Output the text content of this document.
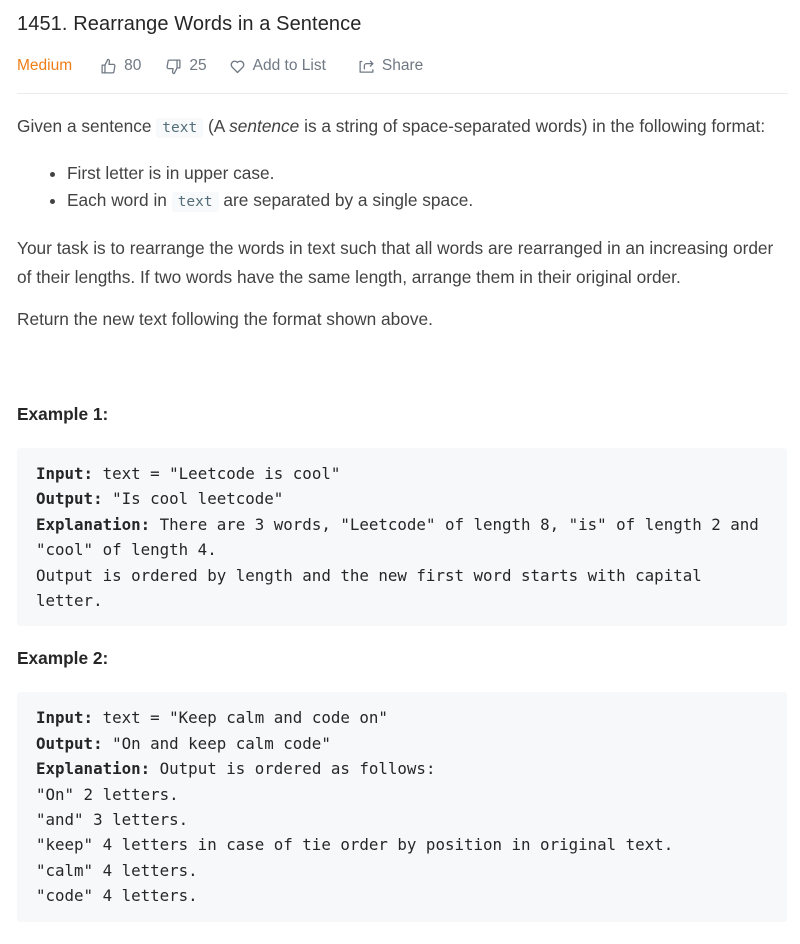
1451. Rearrange Words in a Sentence
Medium	80	25	Add to List	Share

Given a sentence text (A sentence is a string of space-separated words) in the following format:

• First letter is in upper case.
• Each word in text are separated by a single space.

Your task is to rearrange the words in text such that all words are rearranged in an increasing order of their lengths. If two words have the same length, arrange them in their original order.

Return the new text following the format shown above.

Example 1:

Input: text = "Leetcode is cool"
Output: "Is cool leetcode"
Explanation: There are 3 words, "Leetcode" of length 8, "is" of length 2 and "cool" of length 4.
Output is ordered by length and the new first word starts with capital letter.

Example 2:

Input: text = "Keep calm and code on"
Output: "On and keep calm code"
Explanation: Output is ordered as follows:
"On" 2 letters.
"and" 3 letters.
"keep" 4 letters in case of tie order by position in original text.
"calm" 4 letters.
"code" 4 letters.
